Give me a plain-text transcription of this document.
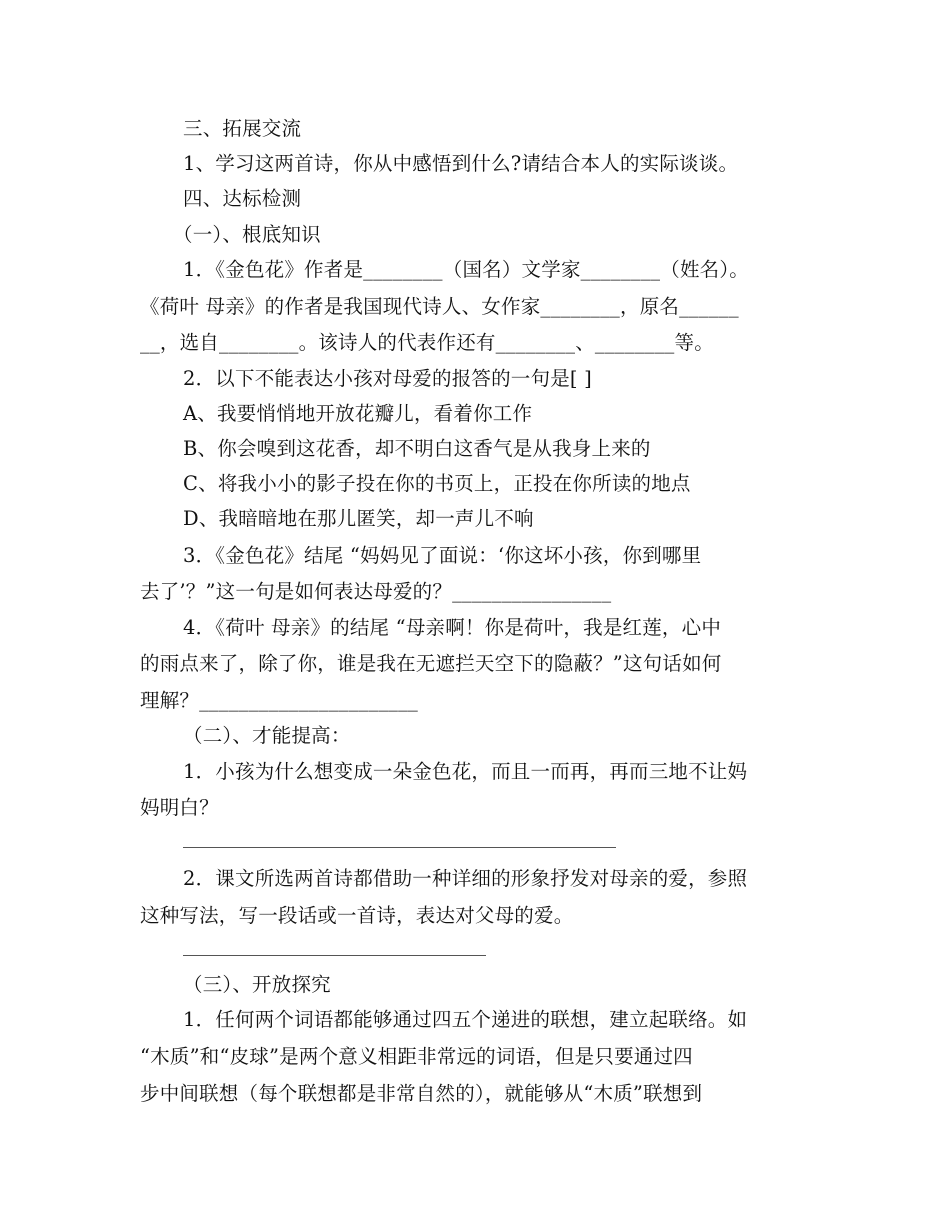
三、拓展交流
1、学习这两首诗，你从中感悟到什么?请结合本人的实际谈谈。
四、达标检测
（一）、根底知识
1．《金色花》作者是________（国名）文学家________（姓名）。
《荷叶 母亲》的作者是我国现代诗人、女作家________，原名______
__，选自________。该诗人的代表作还有________、________等。
2．以下不能表达小孩对母爱的报答的一句是[ ]
A、我要悄悄地开放花瓣儿，看着你工作
B、你会嗅到这花香，却不明白这香气是从我身上来的
C、将我小小的影子投在你的书页上，正投在你所读的地点
D、我暗暗地在那儿匿笑，却一声儿不响
3．《金色花》结尾 “妈妈见了面说：‘你这坏小孩，你到哪里
去了’？”这一句是如何表达母爱的？________________
4．《荷叶 母亲》的结尾 “母亲啊！你是荷叶，我是红莲，心中
的雨点来了，除了你，谁是我在无遮拦天空下的隐蔽？”这句话如何
理解？______________________
（二）、才能提高：
1．小孩为什么想变成一朵金色花，而且一而再，再而三地不让妈
妈明白？
2．课文所选两首诗都借助一种详细的形象抒发对母亲的爱，参照
这种写法，写一段话或一首诗，表达对父母的爱。
（三）、开放探究
1．任何两个词语都能够通过四五个递进的联想，建立起联络。如
“木质”和“皮球”是两个意义相距非常远的词语，但是只要通过四
步中间联想（每个联想都是非常自然的），就能够从“木质”联想到
